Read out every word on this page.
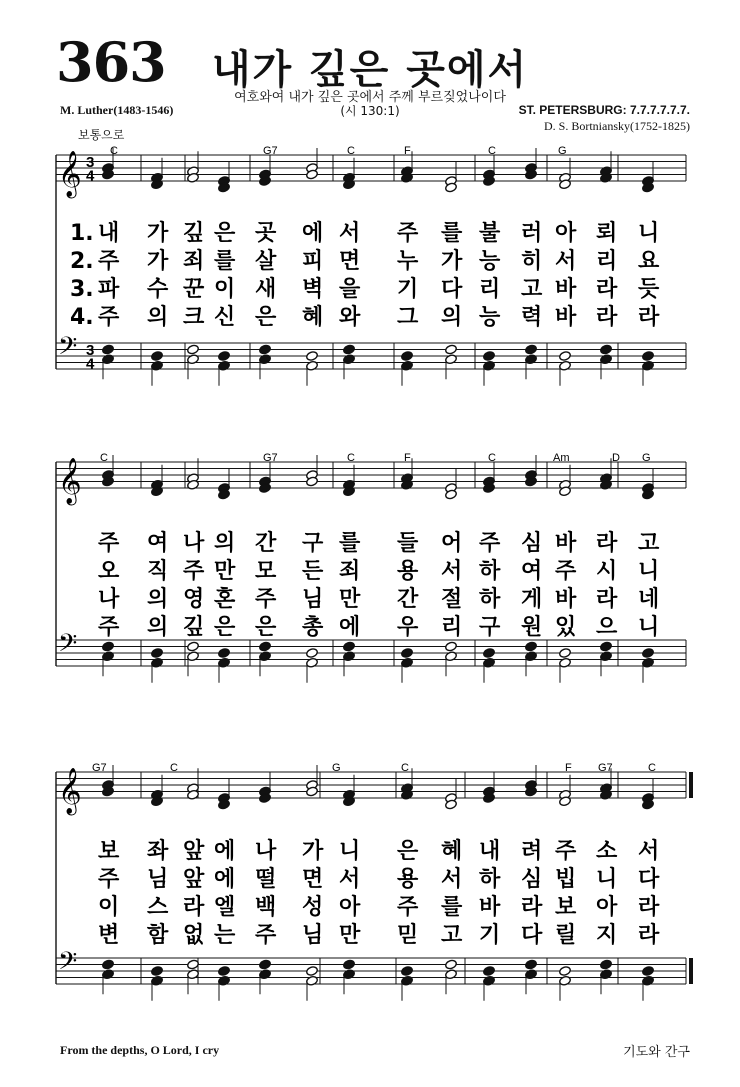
363	내가 깊은 곳에서
여호와여 내가 깊은 곳에서 주께 부르짖었나이다
(시 130:1)
M. Luther(1483-1546)	ST. PETERSBURG: 7.7.7.7.7.7.
D. S. Bortniansky(1752-1825)
보통으로
From the depths, O Lord, I cry	기도와 간구
𝄞
𝄢
3
4
3
4
C	G7	C	F	C	G
1.
2.
3.
4.
내 가 깊 은 곳 에 서 주 를 불 러 아 뢰 니
주 가 죄 를 살 피 면 누 가 능 히 서 리 요
파 수 꾼 이 새 벽 을 기 다 리 고 바 라 듯
주 의 크 신 은 혜 와 그 의 능 력 바 라 라
𝄞
𝄢
C	G7	C	F	C	Am	D G
주 여 나 의 간 구 를 들 어 주 심 바 라 고
오 직 주 만 모 든 죄 용 서 하 여 주 시 니
나 의 영 혼 주 님 만 간 절 하 게 바 라 네
주 의 깊 은 은 총 에 우 리 구 원 있 으 니
𝄞
𝄢
G7	C	G	C	F G7	C
보 좌 앞 에 나 가 니 은 혜 내 려 주 소 서
주 님 앞 에 떨 면 서 용 서 하 심 빕 니 다
이 스 라 엘 백 성 아 주 를 바 라 보 아 라
변 함 없 는 주 님 만 믿 고 기 다 릴 지 라
